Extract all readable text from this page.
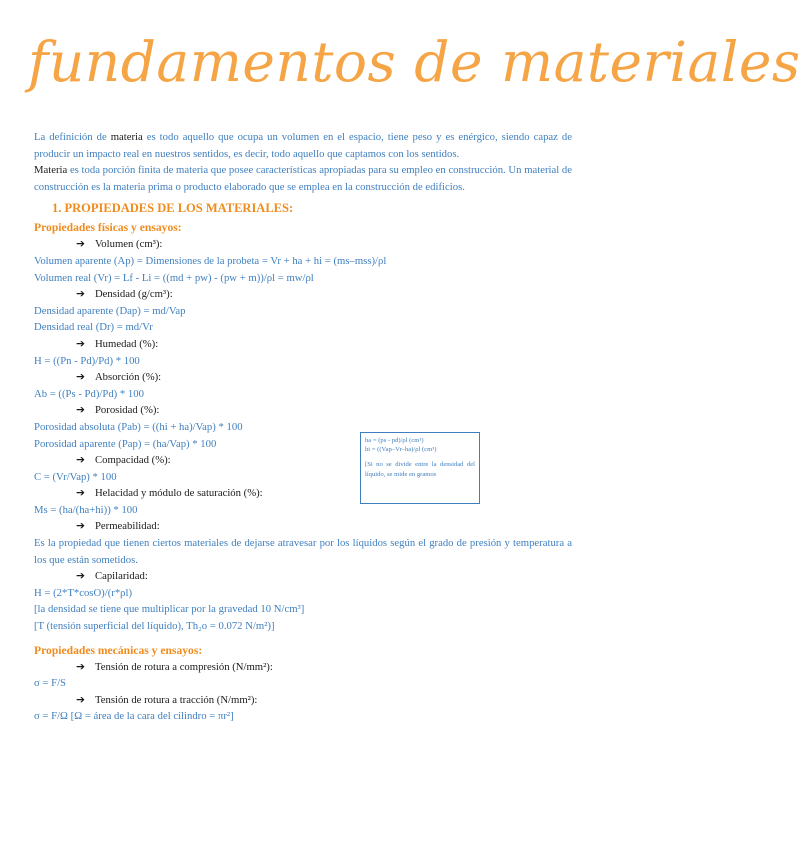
fundamentos de materiales

La definición de materia es todo aquello que ocupa un volumen en el espacio, tiene peso y es enérgico, siendo capaz de producir un impacto real en nuestros sentidos, es decir, todo aquello que captamos con los sentidos.

Materia es toda porción finita de materia que posee características apropiadas para su empleo en construcción. Un material de construcción es la materia prima o producto elaborado que se emplea en la construcción de edificios.

1. PROPIEDADES DE LOS MATERIALES:
Propiedades físicas y ensayos:
➔ Volumen (cm³):
Volumen aparente (Ap) = Dimensiones de la probeta = Vr + ha + hi = (ms–mss)/ρl
Volumen real (Vr) = Lf - Li = ((md + pw) - (pw + m))/ρl = mw/ρl
➔ Densidad (g/cm³):
Densidad aparente (Dap) = md/Vap
Densidad real (Dr) = md/Vr
➔ Humedad (%):
H = ((Pn - Pd)/Pd) * 100
➔ Absorción (%):
Ab = ((Ps - Pd)/Pd) * 100
➔ Porosidad (%):
Porosidad absoluta (Pab) = ((hi + ha)/Vap) * 100
Porosidad aparente (Pap) = (ha/Vap) * 100
➔ Compacidad (%):
C = (Vr/Vap) * 100
➔ Helacidad y módulo de saturación (%):
Ms = (ha/(ha+hi)) * 100
➔ Permeabilidad:

Es la propiedad que tienen ciertos materiales de dejarse atravesar por los líquidos según el grado de presión y temperatura a los que están sometidos.

➔ Capilaridad:
H = (2*T*cosO)/(r*ρl)
[la densidad se tiene que multiplicar por la gravedad 10 N/cm³]
[T (tensión superficial del líquido), Th₂o = 0.072 N/m²)]
Propiedades mecánicas y ensayos:
➔ Tensión de rotura a compresión (N/mm²):
σ = F/S
➔ Tensión de rotura a tracción (N/mm²):
σ = F/Ω [Ω = área de la cara del cilindro = πr²]
ha = (ps - pd)/ρl (cm³)
hi = ((Vap–Vr–ha)/ρl (cm³)
[Si no se divide entre la densidad del líquido, se mide en gramos
